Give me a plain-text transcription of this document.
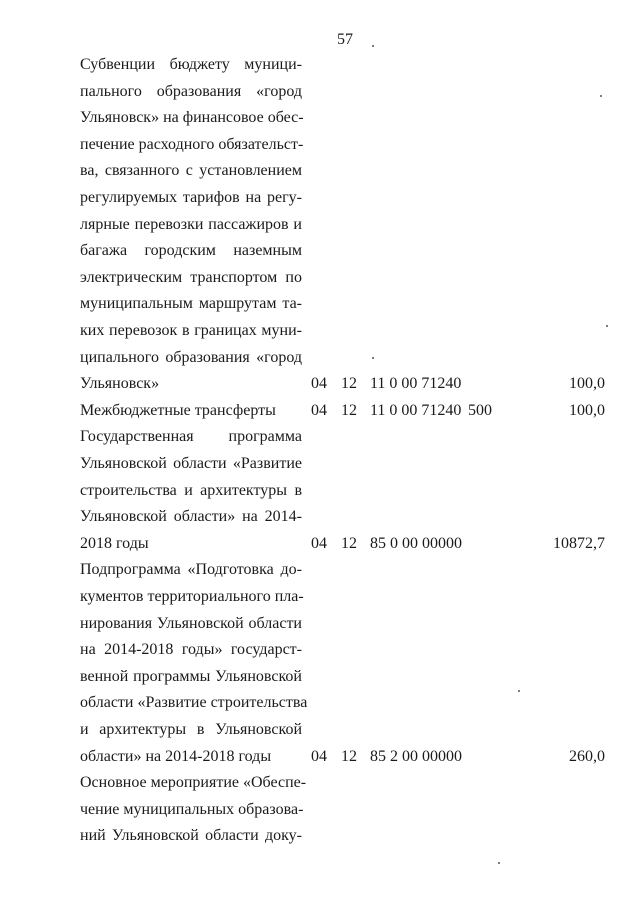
57
Субвенции бюджету муници-
пального образования «город
Ульяновск» на финансовое обес-
печение расходного обязательст-
ва, связанного с установлением
регулируемых тарифов на регу-
лярные перевозки пассажиров и
багажа городским наземным
электрическим транспортом по
муниципальным маршрутам та-
ких перевозок в границах муни-
ципального образования «город
Ульяновск»	04 12 11 0 00 71240	100,0
Межбюджетные трансферты	04 12 11 0 00 71240 500	100,0
Государственная программа
Ульяновской области «Развитие
строительства и архитектуры в
Ульяновской области» на 2014-
2018 годы	04 12 85 0 00 00000	10872,7
Подпрограмма «Подготовка до-
кументов территориального пла-
нирования Ульяновской области
на 2014-2018 годы» государст-
венной программы Ульяновской
области «Развитие строительства
и архитектуры в Ульяновской
области» на 2014-2018 годы	04 12 85 2 00 00000	260,0
Основное мероприятие «Обеспе-
чение муниципальных образова-
ний Ульяновской области доку-
